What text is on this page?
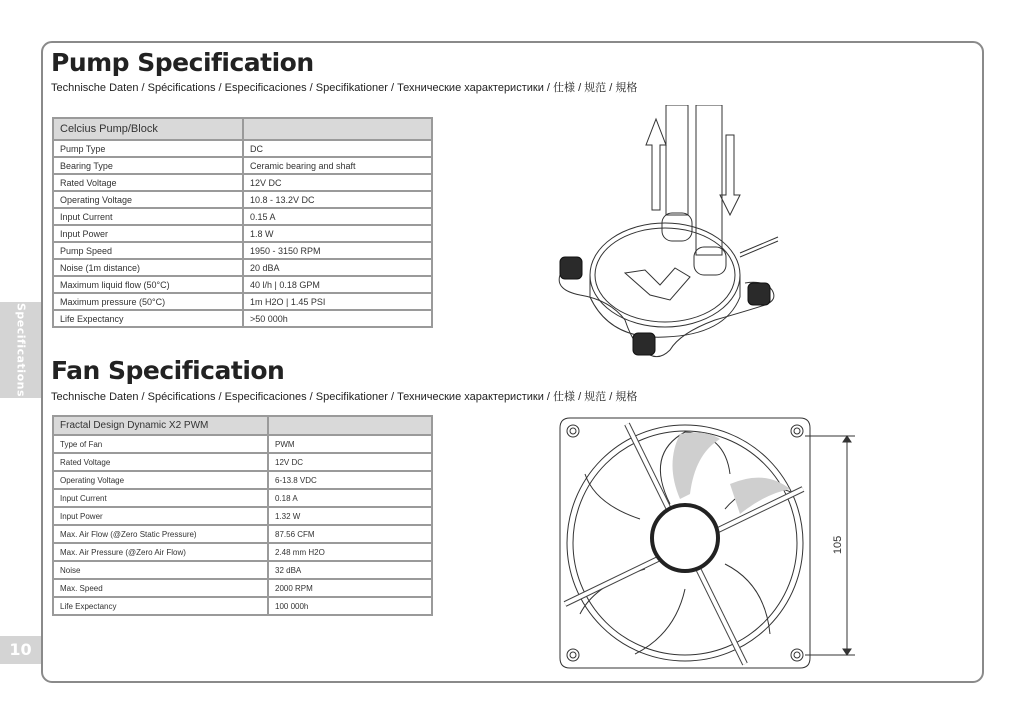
Specifications
10
Pump Specification
Technische Daten / Spécifications / Especificaciones / Specifikationer / Технические характеристики / 仕様 / 规范 / 規格
Celcius Pump/Block	
Pump Type	DC
Bearing Type	Ceramic bearing and shaft
Rated Voltage	12V DC
Operating Voltage	10.8 - 13.2V DC
Input Current	0.15 A
Input Power	1.8 W
Pump Speed	1950 - 3150 RPM
Noise (1m distance)	20 dBA
Maximum liquid flow (50°C)	40 l/h | 0.18 GPM
Maximum pressure (50°C)	1m H2O | 1.45 PSI
Life Expectancy	>50 000h
Fan Specification
Technische Daten / Spécifications / Especificaciones / Specifikationer / Технические характеристики / 仕様 / 规范 / 規格
Fractal Design Dynamic X2 PWM	
Type of Fan	PWM
Rated Voltage	12V DC
Operating Voltage	6-13.8 VDC
Input Current	0.18 A
Input Power	1.32 W
Max. Air Flow (@Zero Static Pressure)	87.56 CFM
Max. Air Pressure (@Zero Air Flow)	2.48 mm H2O
Noise	32 dBA
Max. Speed	2000 RPM
Life Expectancy	100 000h
105
